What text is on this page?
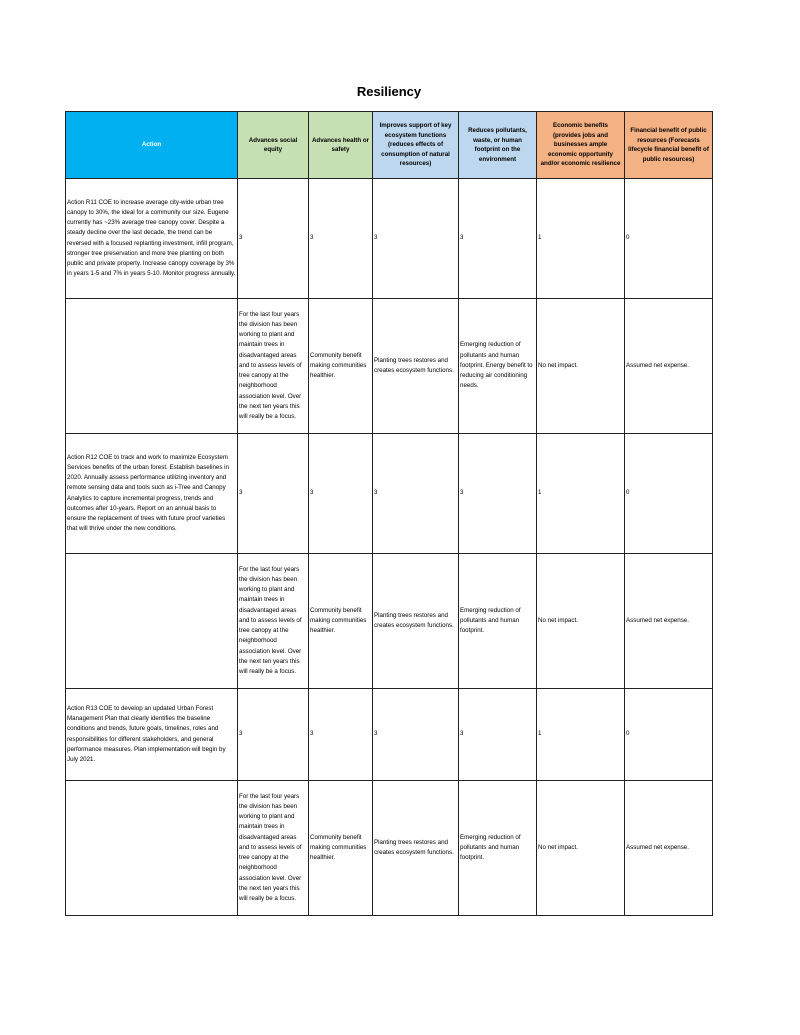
Resiliency
Action	Advances social equity	Advances health or safety	Improves support of key ecosystem functions (reduces effects of consumption of natural resources)	Reduces pollutants, waste, or human footprint on the environment	Economic benefits (provides jobs and businesses ample economic opportunity and/or economic resilience	Financial benefit of public resources (Forecasts lifecycle financial benefit of public resources)
Action R11 COE to increase average city-wide urban tree canopy to 30%, the ideal for a community our size. Eugene currently has ~23% average tree canopy cover. Despite a steady decline over the last decade, the trend can be reversed with a focused replanting investment, infill program, stronger tree preservation and more tree planting on both public and private property. Increase canopy coverage by 3% in years 1-5 and 7% in years 5-10. Monitor progress annually.	3	3	3	3	1	0
	For the last four years the division has been working to plant and maintain trees in disadvantaged areas and to assess levels of tree canopy at the neighborhood association level. Over the next ten years this will really be a focus.	Community benefit making communities healthier.	Planting trees restores and creates ecosystem functions.	Emerging reduction of pollutants and human footprint. Energy benefit to reducing air conditioning needs.	No net impact.	Assumed net expense.
Action R12 COE to track and work to maximize Ecosystem Services benefits of the urban forest. Establish baselines in 2020. Annually assess performance utilizing inventory and remote sensing data and tools such as i-Tree and Canopy Analytics to capture incremental progress, trends and outcomes after 10-years. Report on an annual basis to ensure the replacement of trees with future proof varieties that will thrive under the new conditions.	3	3	3	3	1	0
	For the last four years the division has been working to plant and maintain trees in disadvantaged areas and to assess levels of tree canopy at the neighborhood association level. Over the next ten years this will really be a focus.	Community benefit making communities healthier.	Planting trees restores and creates ecosystem functions.	Emerging reduction of pollutants and human footprint.	No net impact.	Assumed net expense.
Action R13 COE to develop an updated Urban Forest Management Plan that clearly identifies the baseline conditions and trends, future goals, timelines, roles and responsibilities for different stakeholders, and general performance measures. Plan implementation will begin by July 2021.	3	3	3	3	1	0
	For the last four years the division has been working to plant and maintain trees in disadvantaged areas and to assess levels of tree canopy at the neighborhood association level. Over the next ten years this will really be a focus.	Community benefit making communities healthier.	Planting trees restores and creates ecosystem functions.	Emerging reduction of pollutants and human footprint.	No net impact.	Assumed net expense.
